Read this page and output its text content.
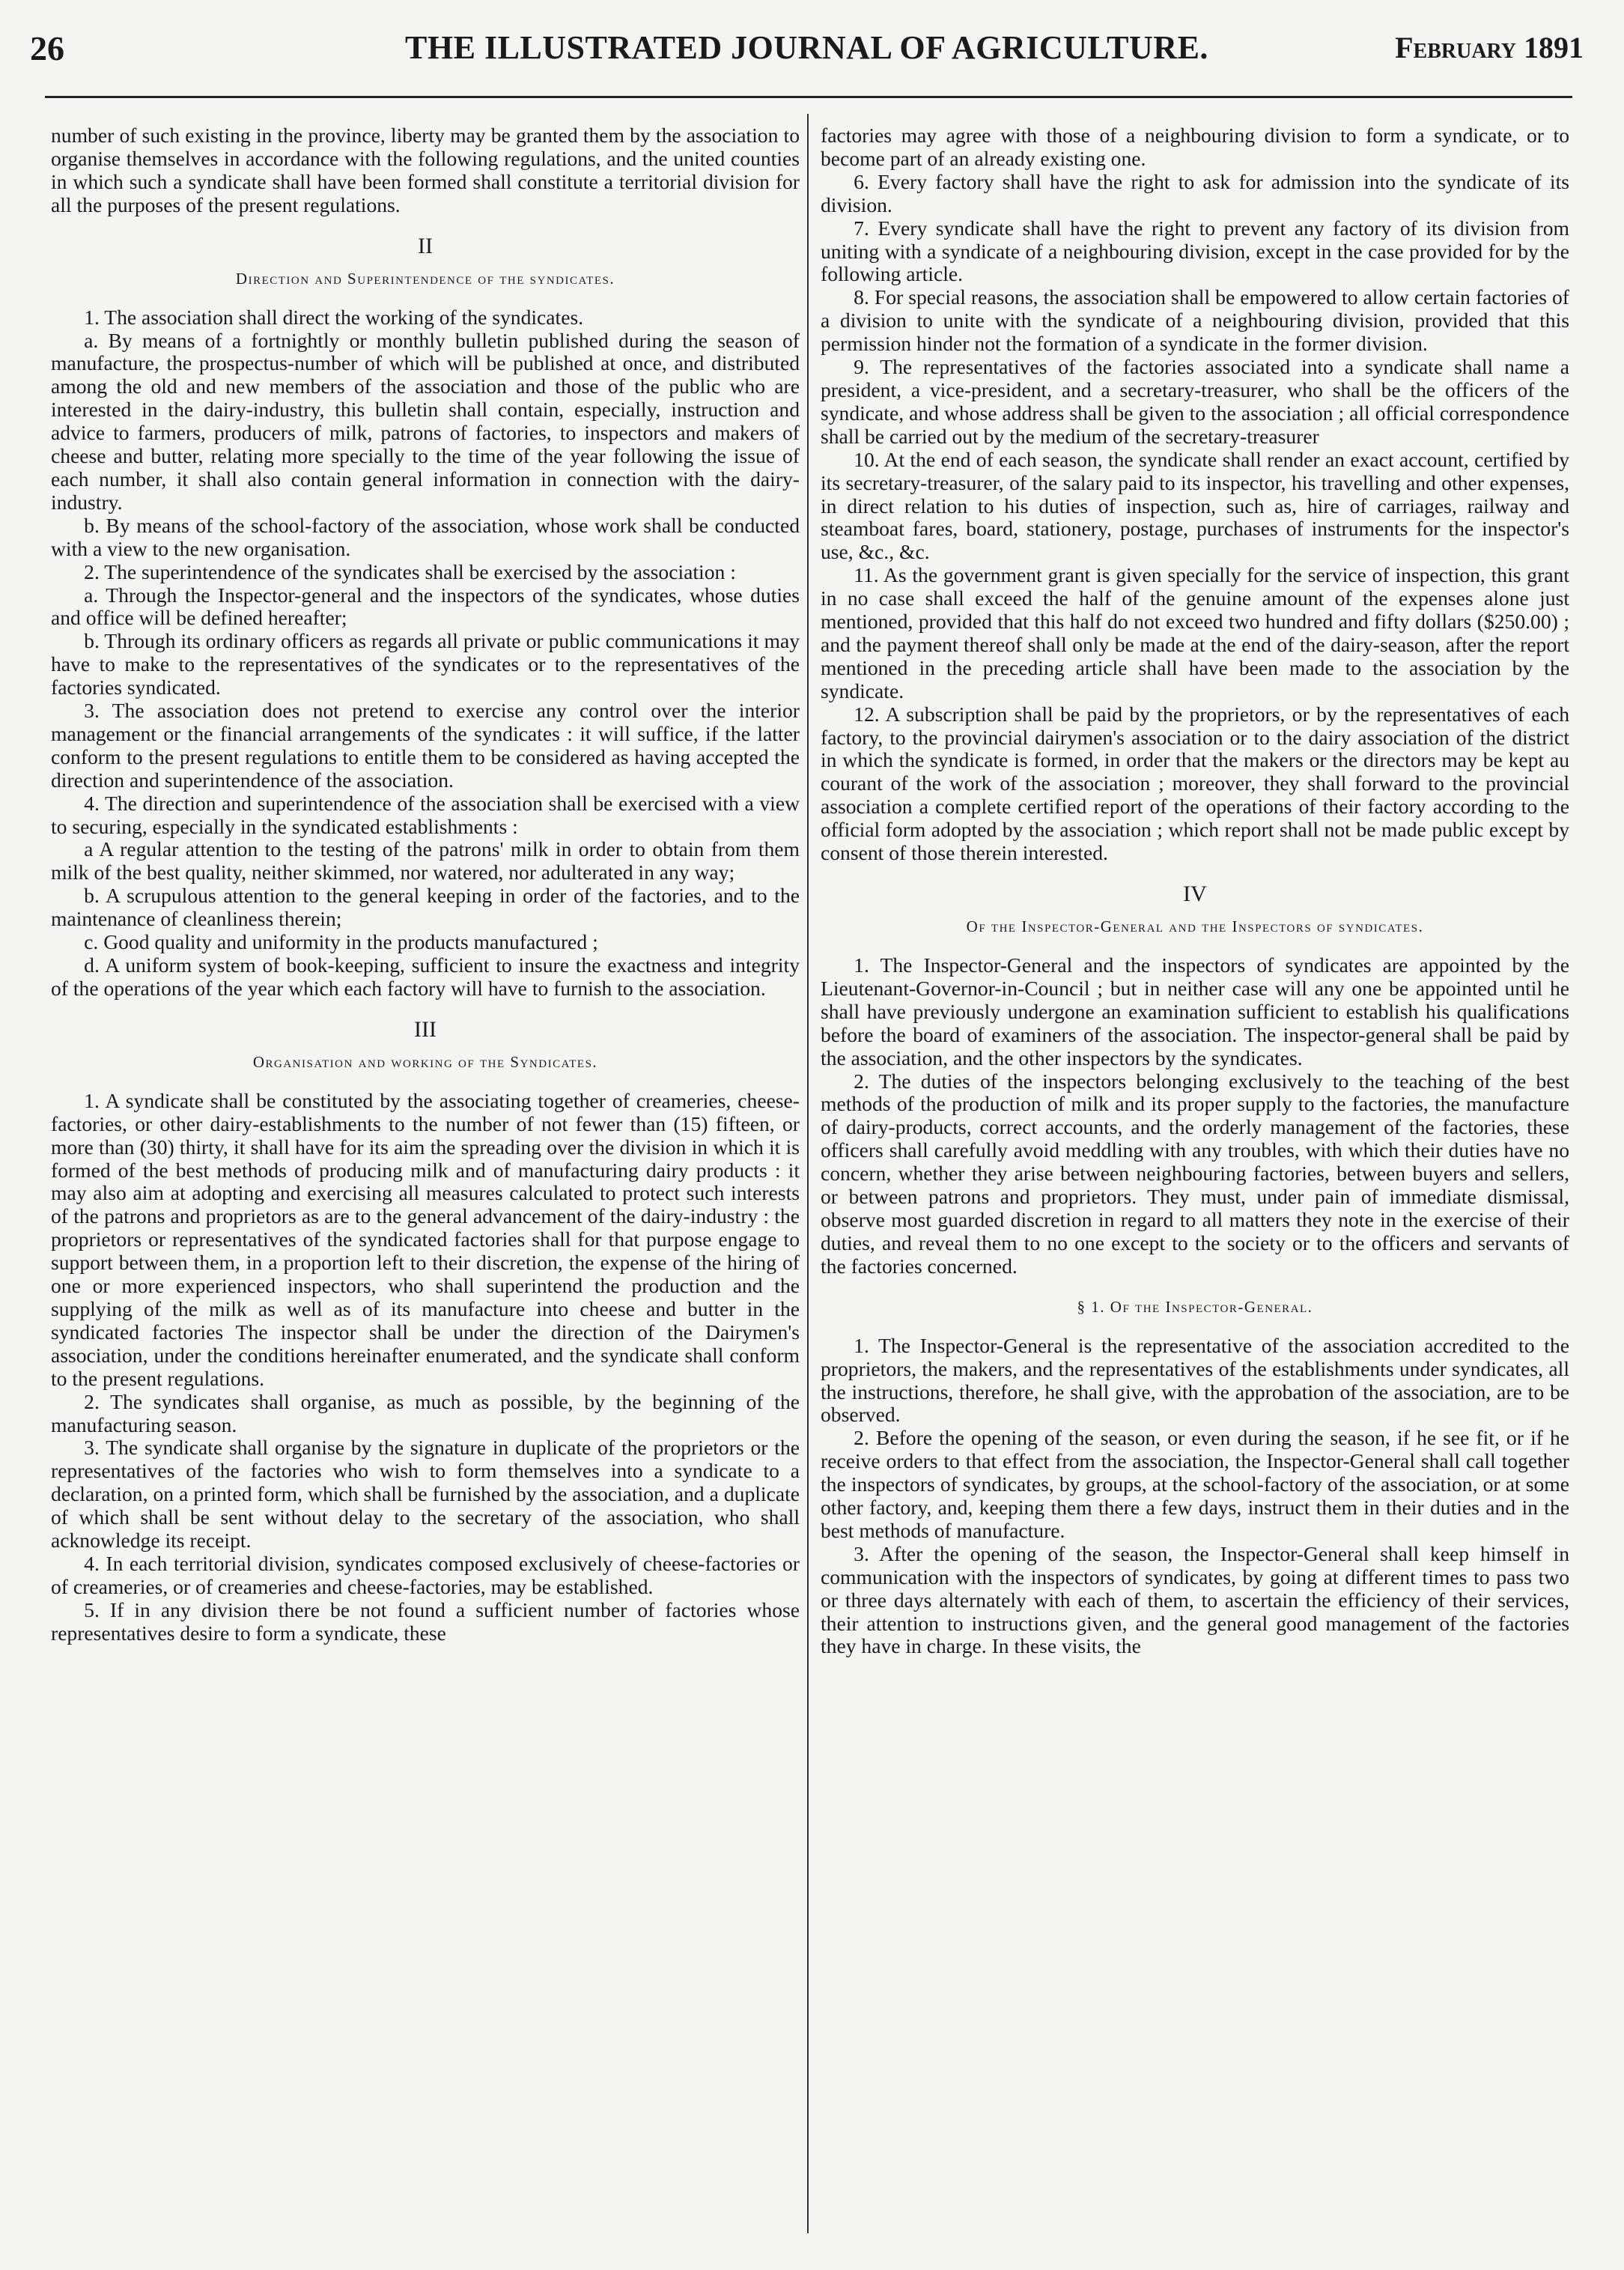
26	THE ILLUSTRATED JOURNAL OF AGRICULTURE.	February 1891

number of such existing in the province, liberty may be granted them by the association to organise themselves in accordance with the following regulations, and the united counties in which such a syndicate shall have been formed shall constitute a territorial division for all the purposes of the present regulations.

II
Direction and Superintendence of the syndicates.

1. The association shall direct the working of the syndicates.

a. By means of a fortnightly or monthly bulletin published during the season of manufacture, the prospectus-number of which will be published at once, and distributed among the old and new members of the association and those of the public who are interested in the dairy-industry, this bulletin shall contain, especially, instruction and advice to farmers, producers of milk, patrons of factories, to inspectors and makers of cheese and butter, relating more specially to the time of the year following the issue of each number, it shall also contain general information in connection with the dairy-industry.

b. By means of the school-factory of the association, whose work shall be conducted with a view to the new organisation.

2. The superintendence of the syndicates shall be exercised by the association :

a. Through the Inspector-general and the inspectors of the syndicates, whose duties and office will be defined hereafter;

b. Through its ordinary officers as regards all private or public communications it may have to make to the representatives of the syndicates or to the representatives of the factories syndicated.

3. The association does not pretend to exercise any control over the interior management or the financial arrangements of the syndicates : it will suffice, if the latter conform to the present regulations to entitle them to be considered as having accepted the direction and superintendence of the association.

4. The direction and superintendence of the association shall be exercised with a view to securing, especially in the syndicated establishments :

a A regular attention to the testing of the patrons' milk in order to obtain from them milk of the best quality, neither skimmed, nor watered, nor adulterated in any way;

b. A scrupulous attention to the general keeping in order of the factories, and to the maintenance of cleanliness therein;

c. Good quality and uniformity in the products manufactured ;

d. A uniform system of book-keeping, sufficient to insure the exactness and integrity of the operations of the year which each factory will have to furnish to the association.

III
Organisation and working of the Syndicates.

1. A syndicate shall be constituted by the associating together of creameries, cheese-factories, or other dairy-establishments to the number of not fewer than (15) fifteen, or more than (30) thirty, it shall have for its aim the spreading over the division in which it is formed of the best methods of producing milk and of manufacturing dairy products : it may also aim at adopting and exercising all measures calculated to protect such interests of the patrons and proprietors as are to the general advancement of the dairy-industry : the proprietors or representatives of the syndicated factories shall for that purpose engage to support between them, in a proportion left to their discretion, the expense of the hiring of one or more experienced inspectors, who shall superintend the production and the supplying of the milk as well as of its manufacture into cheese and butter in the syndicated factories The inspector shall be under the direction of the Dairymen's association, under the conditions hereinafter enumerated, and the syndicate shall conform to the present regulations.

2. The syndicates shall organise, as much as possible, by the beginning of the manufacturing season.

3. The syndicate shall organise by the signature in duplicate of the proprietors or the representatives of the factories who wish to form themselves into a syndicate to a declaration, on a printed form, which shall be furnished by the association, and a duplicate of which shall be sent without delay to the secretary of the association, who shall acknowledge its receipt.

4. In each territorial division, syndicates composed exclusively of cheese-factories or of creameries, or of creameries and cheese-factories, may be established.

5. If in any division there be not found a sufficient number of factories whose representatives desire to form a syndicate, these

factories may agree with those of a neighbouring division to form a syndicate, or to become part of an already existing one.

6. Every factory shall have the right to ask for admission into the syndicate of its division.

7. Every syndicate shall have the right to prevent any factory of its division from uniting with a syndicate of a neighbouring division, except in the case provided for by the following article.

8. For special reasons, the association shall be empowered to allow certain factories of a division to unite with the syndicate of a neighbouring division, provided that this permission hinder not the formation of a syndicate in the former division.

9. The representatives of the factories associated into a syndicate shall name a president, a vice-president, and a secretary-treasurer, who shall be the officers of the syndicate, and whose address shall be given to the association ; all official correspondence shall be carried out by the medium of the secretary-treasurer

10. At the end of each season, the syndicate shall render an exact account, certified by its secretary-treasurer, of the salary paid to its inspector, his travelling and other expenses, in direct relation to his duties of inspection, such as, hire of carriages, railway and steamboat fares, board, stationery, postage, purchases of instruments for the inspector's use, &c., &c.

11. As the government grant is given specially for the service of inspection, this grant in no case shall exceed the half of the genuine amount of the expenses alone just mentioned, provided that this half do not exceed two hundred and fifty dollars ($250.00) ; and the payment thereof shall only be made at the end of the dairy-season, after the report mentioned in the preceding article shall have been made to the association by the syndicate.

12. A subscription shall be paid by the proprietors, or by the representatives of each factory, to the provincial dairymen's association or to the dairy association of the district in which the syndicate is formed, in order that the makers or the directors may be kept au courant of the work of the association ; moreover, they shall forward to the provincial association a complete certified report of the operations of their factory according to the official form adopted by the association ; which report shall not be made public except by consent of those therein interested.

IV
Of the Inspector-General and the Inspectors of syndicates.

1. The Inspector-General and the inspectors of syndicates are appointed by the Lieutenant-Governor-in-Council ; but in neither case will any one be appointed until he shall have previously undergone an examination sufficient to establish his qualifications before the board of examiners of the association. The inspector-general shall be paid by the association, and the other inspectors by the syndicates.

2. The duties of the inspectors belonging exclusively to the teaching of the best methods of the production of milk and its proper supply to the factories, the manufacture of dairy-products, correct accounts, and the orderly management of the factories, these officers shall carefully avoid meddling with any troubles, with which their duties have no concern, whether they arise between neighbouring factories, between buyers and sellers, or between patrons and proprietors. They must, under pain of immediate dismissal, observe most guarded discretion in regard to all matters they note in the exercise of their duties, and reveal them to no one except to the society or to the officers and servants of the factories concerned.

§ 1. Of the Inspector-General.

1. The Inspector-General is the representative of the association accredited to the proprietors, the makers, and the representatives of the establishments under syndicates, all the instructions, therefore, he shall give, with the approbation of the association, are to be observed.

2. Before the opening of the season, or even during the season, if he see fit, or if he receive orders to that effect from the association, the Inspector-General shall call together the inspectors of syndicates, by groups, at the school-factory of the association, or at some other factory, and, keeping them there a few days, instruct them in their duties and in the best methods of manufacture.

3. After the opening of the season, the Inspector-General shall keep himself in communication with the inspectors of syndicates, by going at different times to pass two or three days alternately with each of them, to ascertain the efficiency of their services, their attention to instructions given, and the general good management of the factories they have in charge. In these visits, the
